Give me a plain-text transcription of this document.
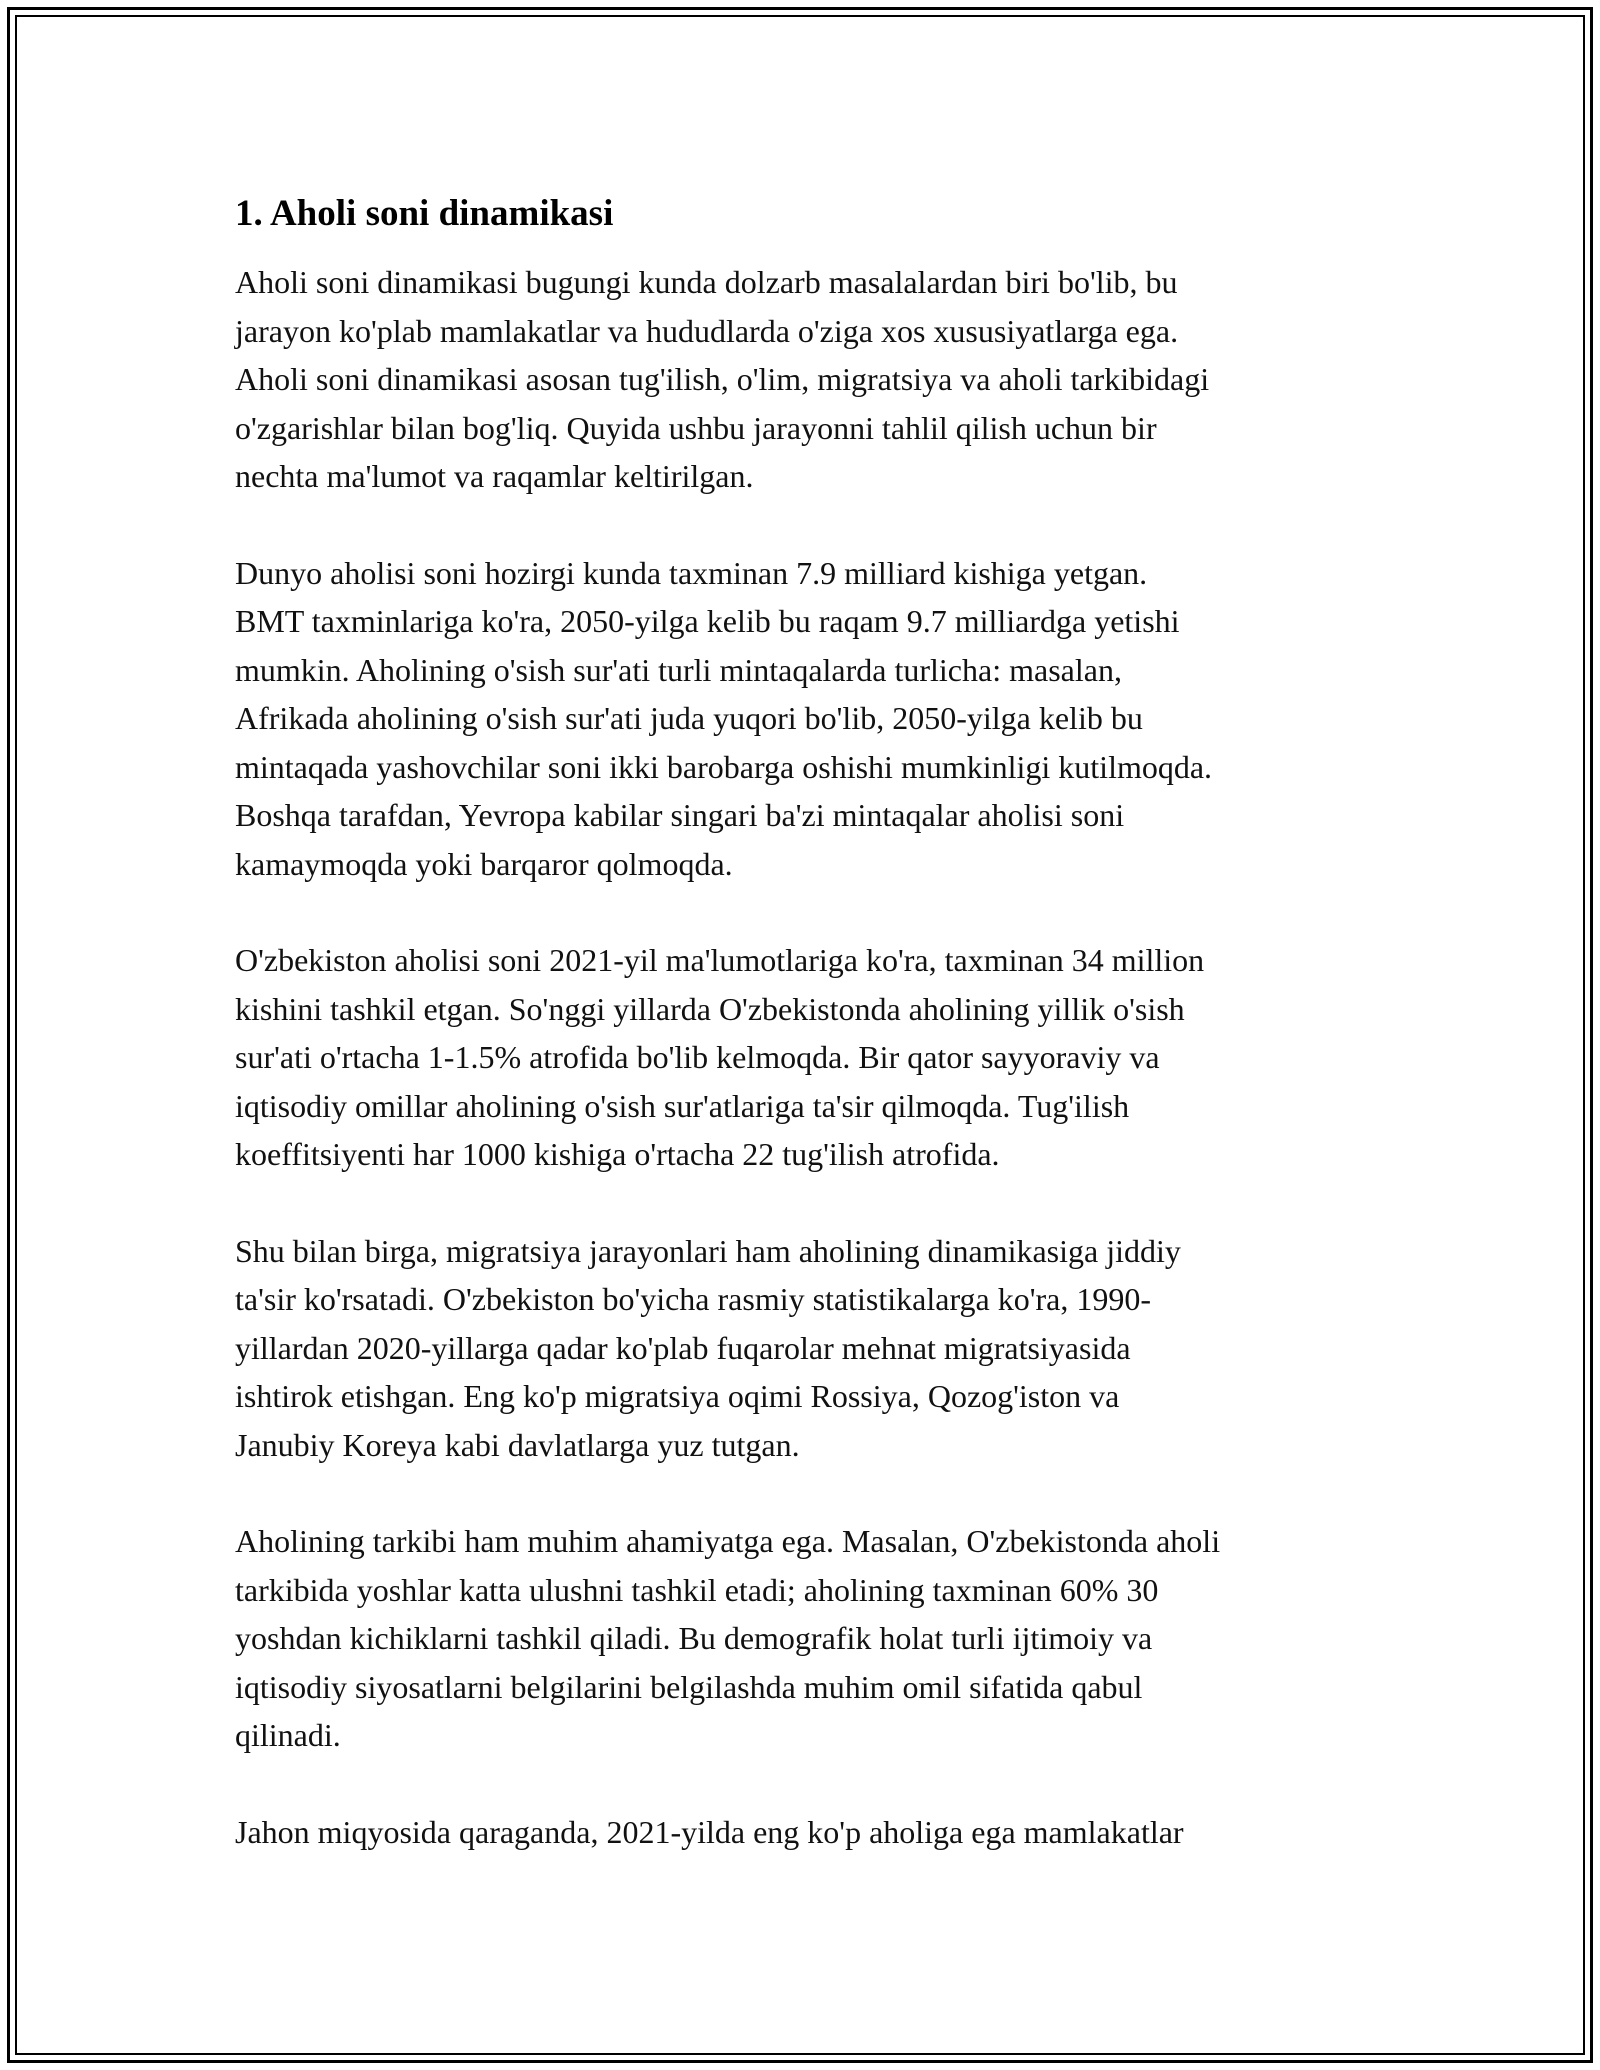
1. Aholi soni dinamikasi

Aholi soni dinamikasi bugungi kunda dolzarb masalalardan biri bo'lib, bu
jarayon ko'plab mamlakatlar va hududlarda o'ziga xos xususiyatlarga ega.
Aholi soni dinamikasi asosan tug'ilish, o'lim, migratsiya va aholi tarkibidagi
o'zgarishlar bilan bog'liq. Quyida ushbu jarayonni tahlil qilish uchun bir
nechta ma'lumot va raqamlar keltirilgan.

Dunyo aholisi soni hozirgi kunda taxminan 7.9 milliard kishiga yetgan.
BMT taxminlariga ko'ra, 2050-yilga kelib bu raqam 9.7 milliardga yetishi
mumkin. Aholining o'sish sur'ati turli mintaqalarda turlicha: masalan,
Afrikada aholining o'sish sur'ati juda yuqori bo'lib, 2050-yilga kelib bu
mintaqada yashovchilar soni ikki barobarga oshishi mumkinligi kutilmoqda.
Boshqa tarafdan, Yevropa kabilar singari ba'zi mintaqalar aholisi soni
kamaymoqda yoki barqaror qolmoqda.

O'zbekiston aholisi soni 2021-yil ma'lumotlariga ko'ra, taxminan 34 million
kishini tashkil etgan. So'nggi yillarda O'zbekistonda aholining yillik o'sish
sur'ati o'rtacha 1-1.5% atrofida bo'lib kelmoqda. Bir qator sayyoraviy va
iqtisodiy omillar aholining o'sish sur'atlariga ta'sir qilmoqda. Tug'ilish
koeffitsiyenti har 1000 kishiga o'rtacha 22 tug'ilish atrofida.

Shu bilan birga, migratsiya jarayonlari ham aholining dinamikasiga jiddiy
ta'sir ko'rsatadi. O'zbekiston bo'yicha rasmiy statistikalarga ko'ra, 1990-
yillardan 2020-yillarga qadar ko'plab fuqarolar mehnat migratsiyasida
ishtirok etishgan. Eng ko'p migratsiya oqimi Rossiya, Qozog'iston va
Janubiy Koreya kabi davlatlarga yuz tutgan.

Aholining tarkibi ham muhim ahamiyatga ega. Masalan, O'zbekistonda aholi
tarkibida yoshlar katta ulushni tashkil etadi; aholining taxminan 60% 30
yoshdan kichiklarni tashkil qiladi. Bu demografik holat turli ijtimoiy va
iqtisodiy siyosatlarni belgilarini belgilashda muhim omil sifatida qabul
qilinadi.

Jahon miqyosida qaraganda, 2021-yilda eng ko'p aholiga ega mamlakatlar
